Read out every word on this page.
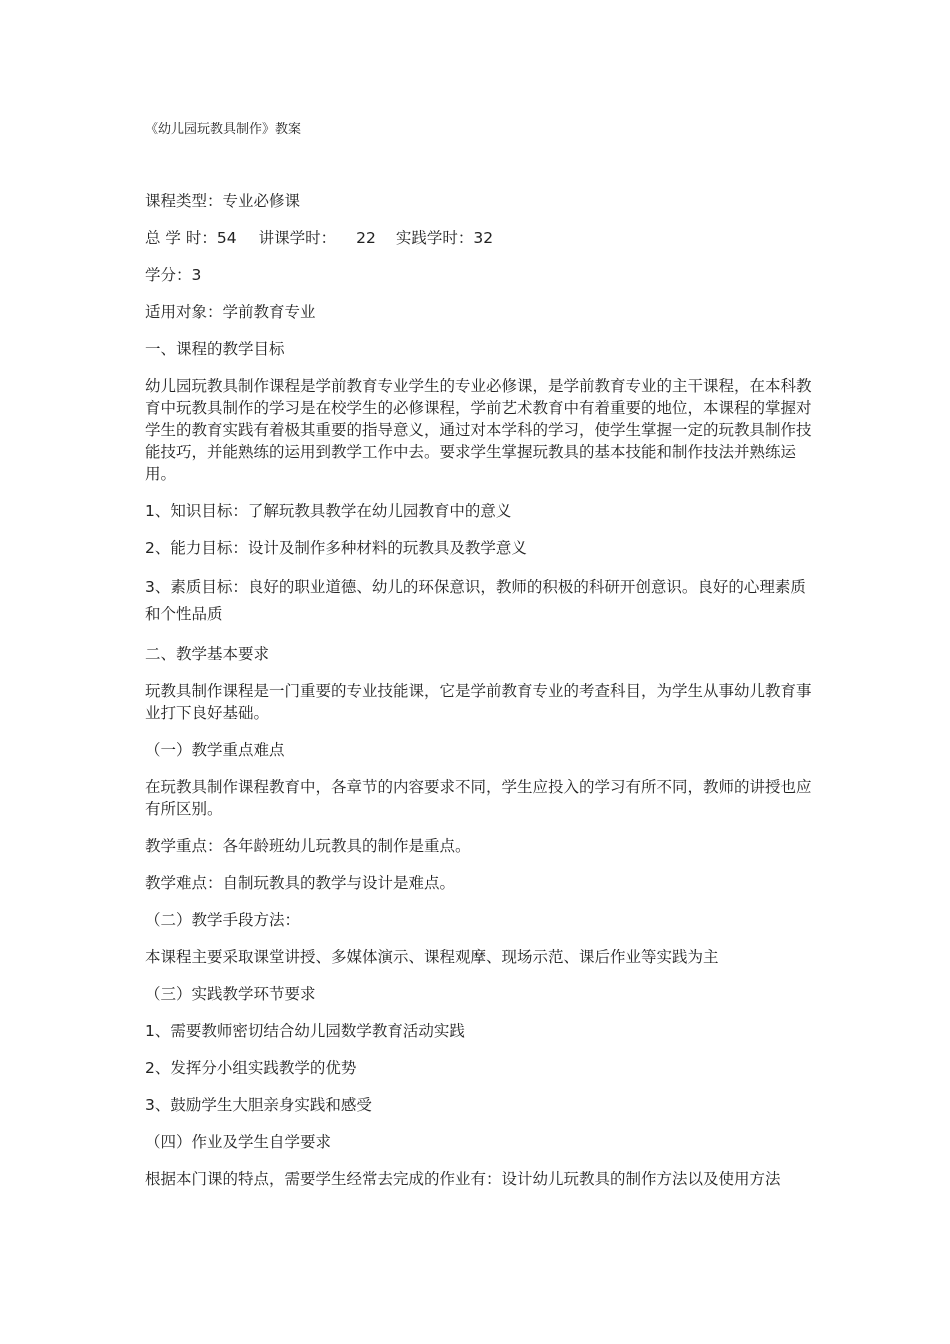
《幼儿园玩教具制作》教案

课程类型：专业必修课

总 学 时：54 讲课学时： 22 实践学时：32

学分：3

适用对象：学前教育专业

一、课程的教学目标

幼儿园玩教具制作课程是学前教育专业学生的专业必修课，是学前教育专业的主干课程，在本科教育中玩教具制作的学习是在校学生的必修课程，学前艺术教育中有着重要的地位，本课程的掌握对学生的教育实践有着极其重要的指导意义，通过对本学科的学习，使学生掌握一定的玩教具制作技能技巧，并能熟练的运用到教学工作中去。要求学生掌握玩教具的基本技能和制作技法并熟练运用。

1、知识目标：了解玩教具教学在幼儿园教育中的意义

2、能力目标：设计及制作多种材料的玩教具及教学意义

3、素质目标：良好的职业道德、幼儿的环保意识，教师的积极的科研开创意识。良好的心理素质和个性品质

二、教学基本要求

玩教具制作课程是一门重要的专业技能课，它是学前教育专业的考查科目，为学生从事幼儿教育事业打下良好基础。

（一）教学重点难点

在玩教具制作课程教育中，各章节的内容要求不同，学生应投入的学习有所不同，教师的讲授也应有所区别。

教学重点：各年龄班幼儿玩教具的制作是重点。

教学难点：自制玩教具的教学与设计是难点。

（二）教学手段方法：

本课程主要采取课堂讲授、多媒体演示、课程观摩、现场示范、课后作业等实践为主

（三）实践教学环节要求

1、需要教师密切结合幼儿园数学教育活动实践

2、发挥分小组实践教学的优势

3、鼓励学生大胆亲身实践和感受

（四）作业及学生自学要求

根据本门课的特点，需要学生经常去完成的作业有：设计幼儿玩教具的制作方法以及使用方法
